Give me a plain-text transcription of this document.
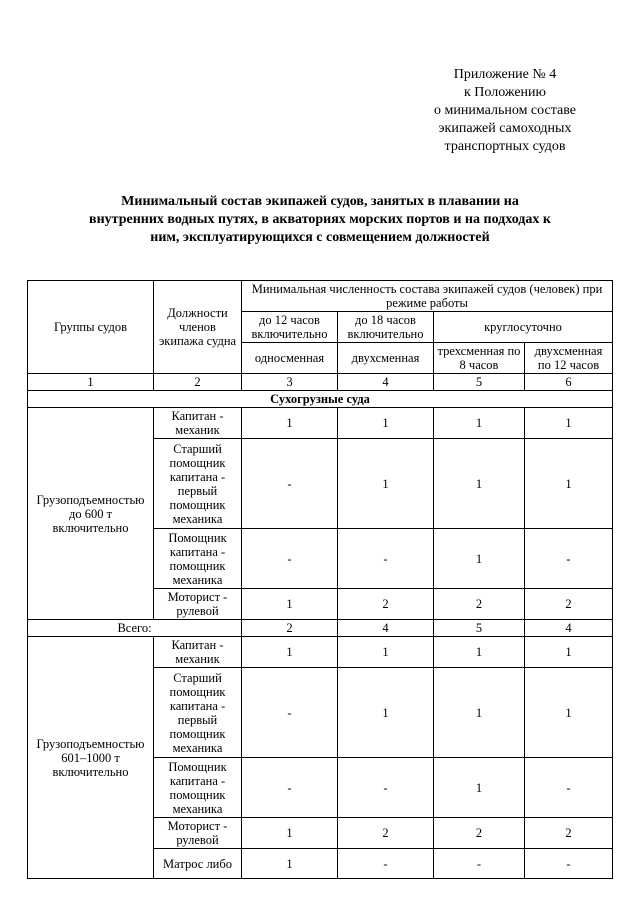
Приложение № 4
к Положению
о минимальном составе
экипажей самоходных
транспортных судов
Минимальный состав экипажей судов, занятых в плавании на
внутренних водных путях, в акваториях морских портов и на подходах к
ним, эксплуатирующихся с совмещением должностей
Группы судов	Должности членов экипажа судна	Минимальная численность состава экипажей судов (человек) при режиме работы			
		до 12 часов включительно	до 18 часов включительно	круглосуточно	
		односменная	двухсменная	трехсменная по 8 часов	двухсменная по 12 часов
1	2	3	4	5	6
Сухогрузные суда					
Грузоподъемностью до 600 т включительно	Капитан - механик	1	1	1	1
	Старший помощник капитана - первый помощник механика	-	1	1	1
	Помощник капитана - помощник механика	-	-	1	-
	Моторист - рулевой	1	2	2	2
Всего:		2	4	5	4
Грузоподъемностью 601–1000 т включительно	Капитан - механик	1	1	1	1
	Старший помощник капитана - первый помощник механика	-	1	1	1
	Помощник капитана - помощник механика	-	-	1	-
	Моторист - рулевой	1	2	2	2
	Матрос либо	1	-	-	-
